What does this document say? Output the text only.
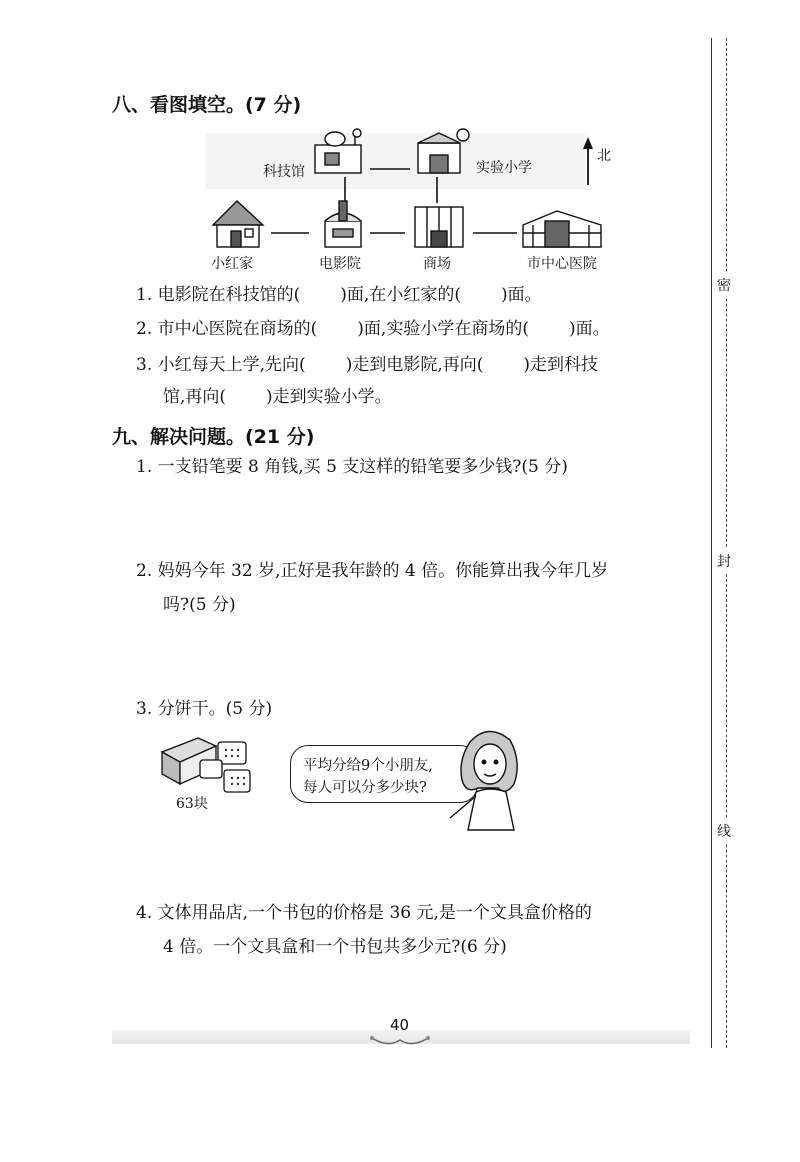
密
封
线
八、看图填空。(7 分)
科技馆	实验小学
北
小红家	电影院	商场	市中心医院
1. 电影院在科技馆的( )面,在小红家的( )面。
2. 市中心医院在商场的( )面,实验小学在商场的( )面。
3. 小红每天上学,先向( )走到电影院,再向( )走到科技
馆,再向( )走到实验小学。
九、解决问题。(21 分)
1. 一支铅笔要 8 角钱,买 5 支这样的铅笔要多少钱?(5 分)
2. 妈妈今年 32 岁,正好是我年龄的 4 倍。你能算出我今年几岁
吗?(5 分)
3. 分饼干。(5 分)
63块
平均分给9个小朋友,
每人可以分多少块?
4. 文体用品店,一个书包的价格是 36 元,是一个文具盒价格的
4 倍。一个文具盒和一个书包共多少元?(6 分)
40
